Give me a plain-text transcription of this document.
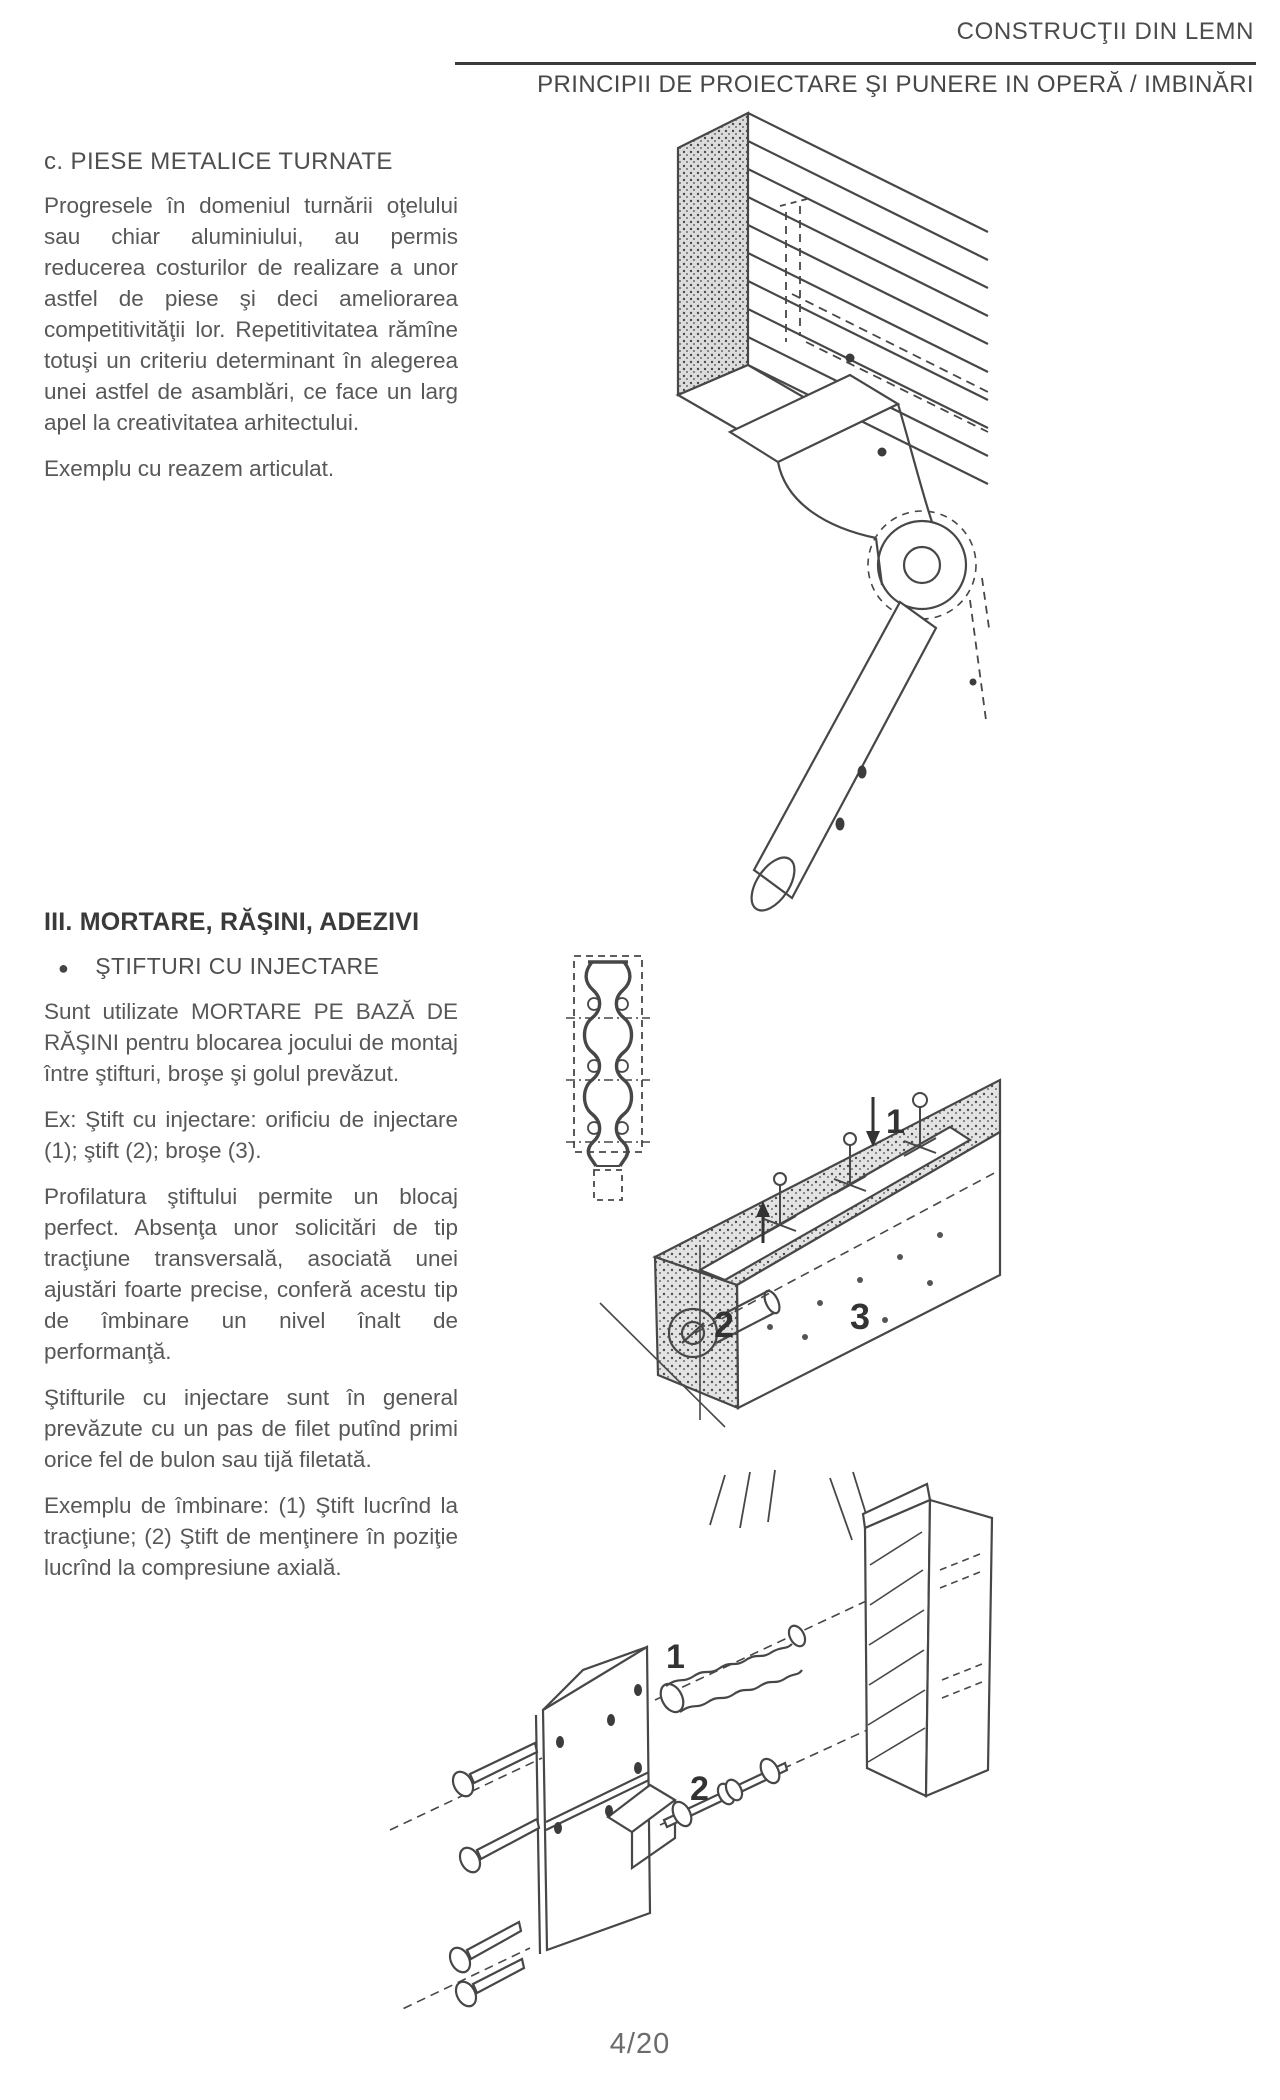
CONSTRUCŢII DIN LEMN
PRINCIPII DE PROIECTARE ŞI PUNERE IN OPERĂ / IMBINĂRI
c. PIESE METALICE TURNATE

Progresele în domeniul turnării oţelului sau chiar aluminiului, au permis reducerea costurilor de realizare a unor astfel de piese şi deci ameliorarea competitivităţii lor. Repetitivitatea rămîne totuşi un criteriu determinant în alegerea unei astfel de asamblări, ce face un larg apel la creativitatea arhitectului.

Exemplu cu reazem articulat.

III. MORTARE, RĂŞINI, ADEZIVI
● ŞTIFTURI CU INJECTARE

Sunt utilizate MORTARE PE BAZĂ DE RĂŞINI pentru blocarea jocului de montaj între ştifturi, broşe şi golul prevăzut.

Ex: Ştift cu injectare: orificiu de injectare (1); ştift (2); broşe (3).

Profilatura ştiftului permite un blocaj perfect. Absenţa unor solicitări de tip tracţiune transversală, asociată unei ajustări foarte precise, conferă acestu tip de îmbinare un nivel înalt de performanţă.

Ştifturile cu injectare sunt în general prevăzute cu un pas de filet putînd primi orice fel de bulon sau tijă filetată.

Exemplu de îmbinare: (1) Ştift lucrînd la tracţiune; (2) Ştift de menţinere în poziţie lucrînd la compresiune axială.

1
2	3
1
2
4/20
